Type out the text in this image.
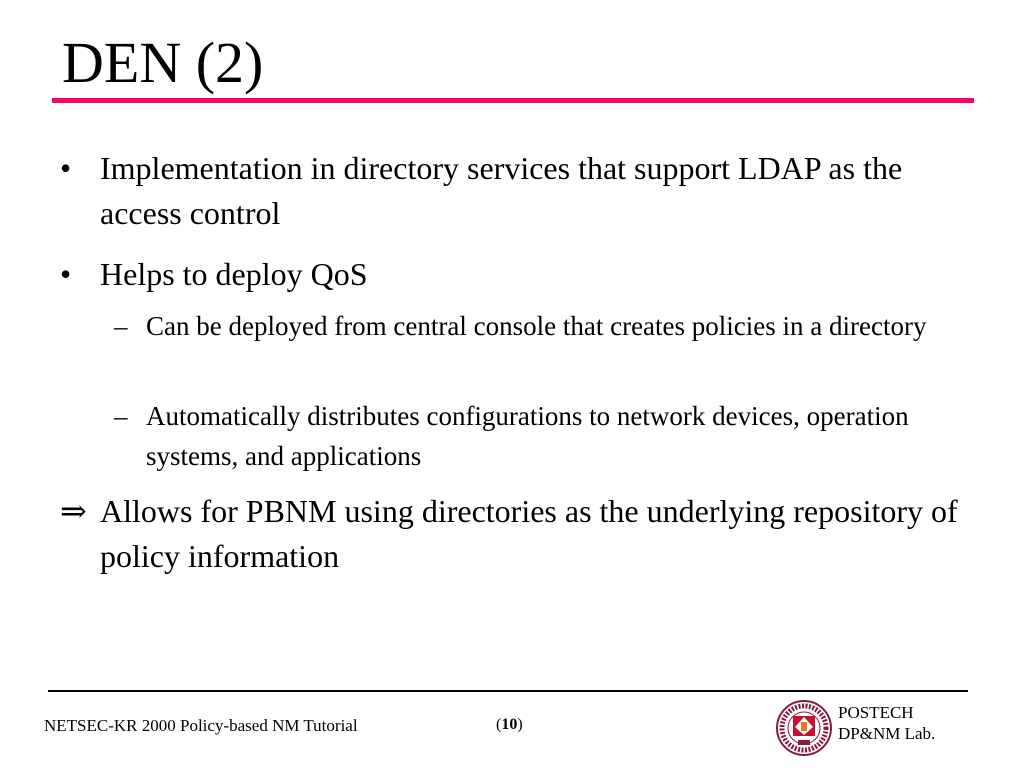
DEN (2)
• Implementation in directory services that support LDAP as the access control
• Helps to deploy QoS
– Can be deployed from central console that creates policies in a directory
– Automatically distributes configurations to network devices, operation systems, and applications
⇒ Allows for PBNM using directories as the underlying repository of policy information
NETSEC-KR 2000 Policy-based NM Tutorial	(10)
POSTECH
DP&NM Lab.
